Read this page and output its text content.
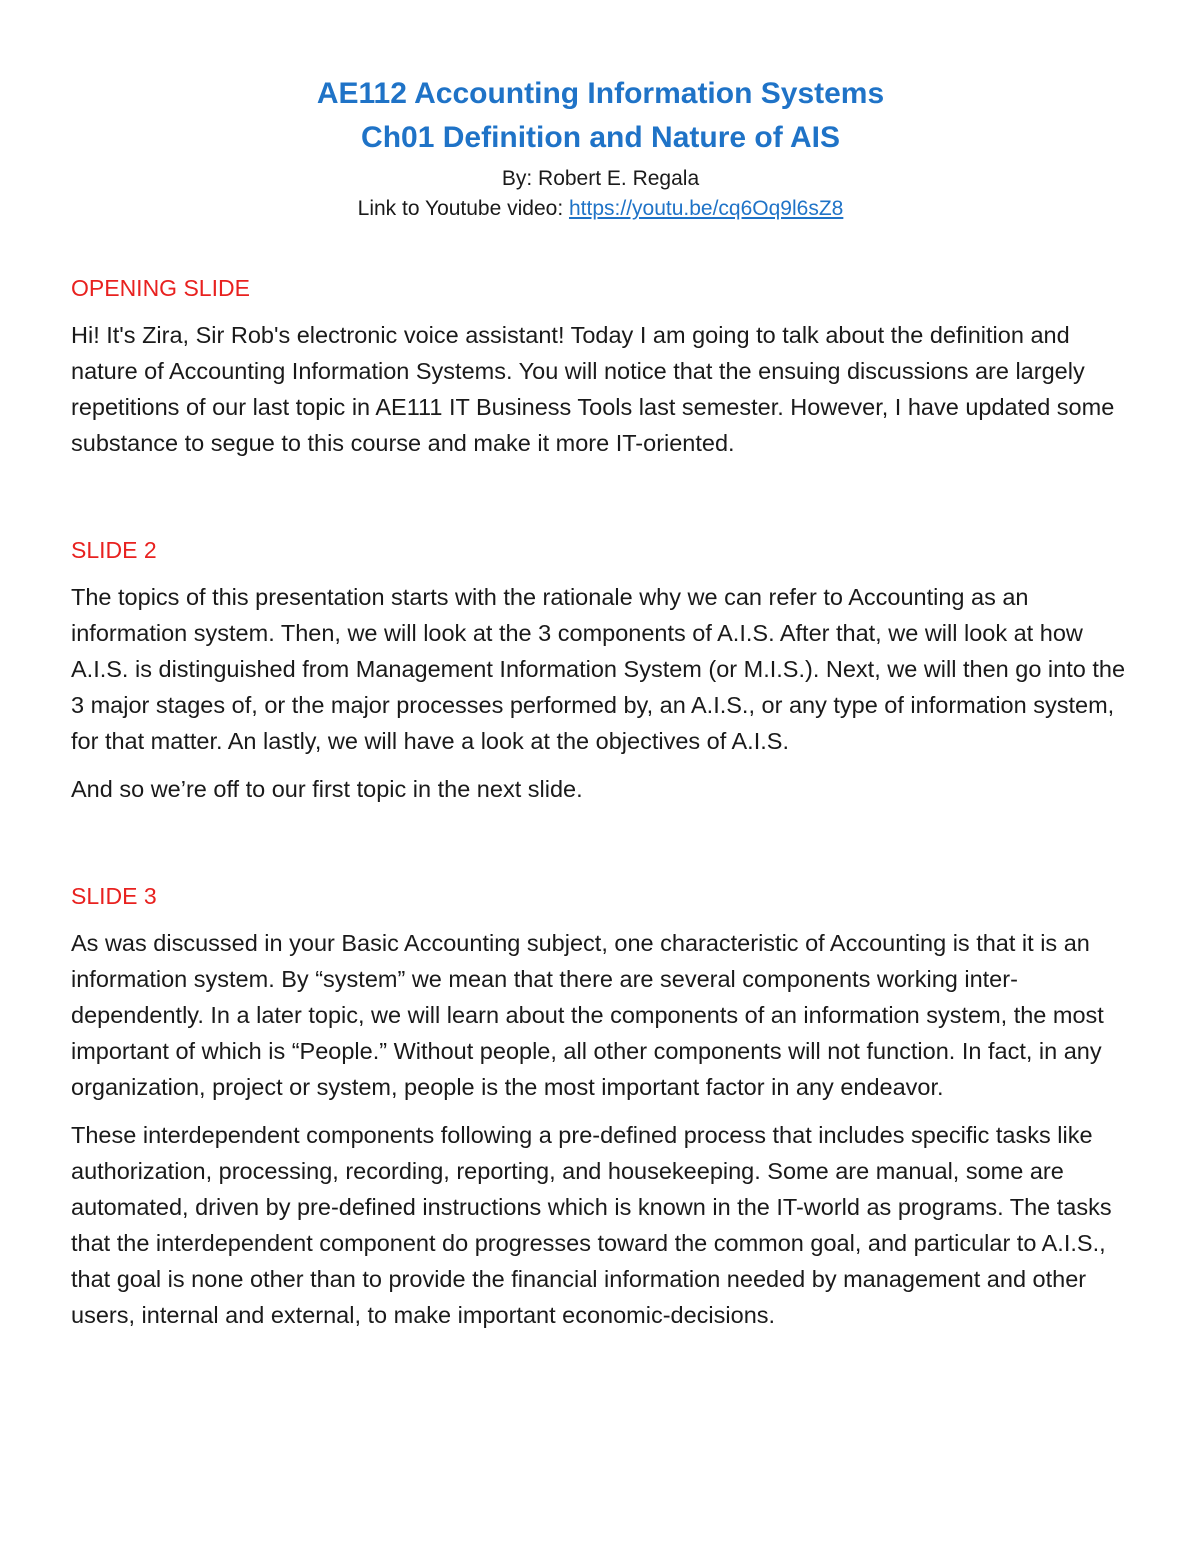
AE112 Accounting Information Systems
Ch01 Definition and Nature of AIS
By: Robert E. Regala
Link to Youtube video: https://youtu.be/cq6Oq9l6sZ8
OPENING SLIDE

Hi! It's Zira, Sir Rob's electronic voice assistant! Today I am going to talk about the definition and nature of Accounting Information Systems. You will notice that the ensuing discussions are largely repetitions of our last topic in AE111 IT Business Tools last semester. However, I have updated some substance to segue to this course and make it more IT-oriented.

SLIDE 2

The topics of this presentation starts with the rationale why we can refer to Accounting as an information system. Then, we will look at the 3 components of A.I.S. After that, we will look at how A.I.S. is distinguished from Management Information System (or M.I.S.). Next, we will then go into the 3 major stages of, or the major processes performed by, an A.I.S., or any type of information system, for that matter. An lastly, we will have a look at the objectives of A.I.S.

And so we’re off to our first topic in the next slide.

SLIDE 3

As was discussed in your Basic Accounting subject, one characteristic of Accounting is that it is an information system. By “system” we mean that there are several components working inter-dependently. In a later topic, we will learn about the components of an information system, the most important of which is “People.” Without people, all other components will not function. In fact, in any organization, project or system, people is the most important factor in any endeavor.

These interdependent components following a pre-defined process that includes specific tasks like authorization, processing, recording, reporting, and housekeeping. Some are manual, some are automated, driven by pre-defined instructions which is known in the IT-world as programs. The tasks that the interdependent component do progresses toward the common goal, and particular to A.I.S., that goal is none other than to provide the financial information needed by management and other users, internal and external, to make important economic-decisions.
